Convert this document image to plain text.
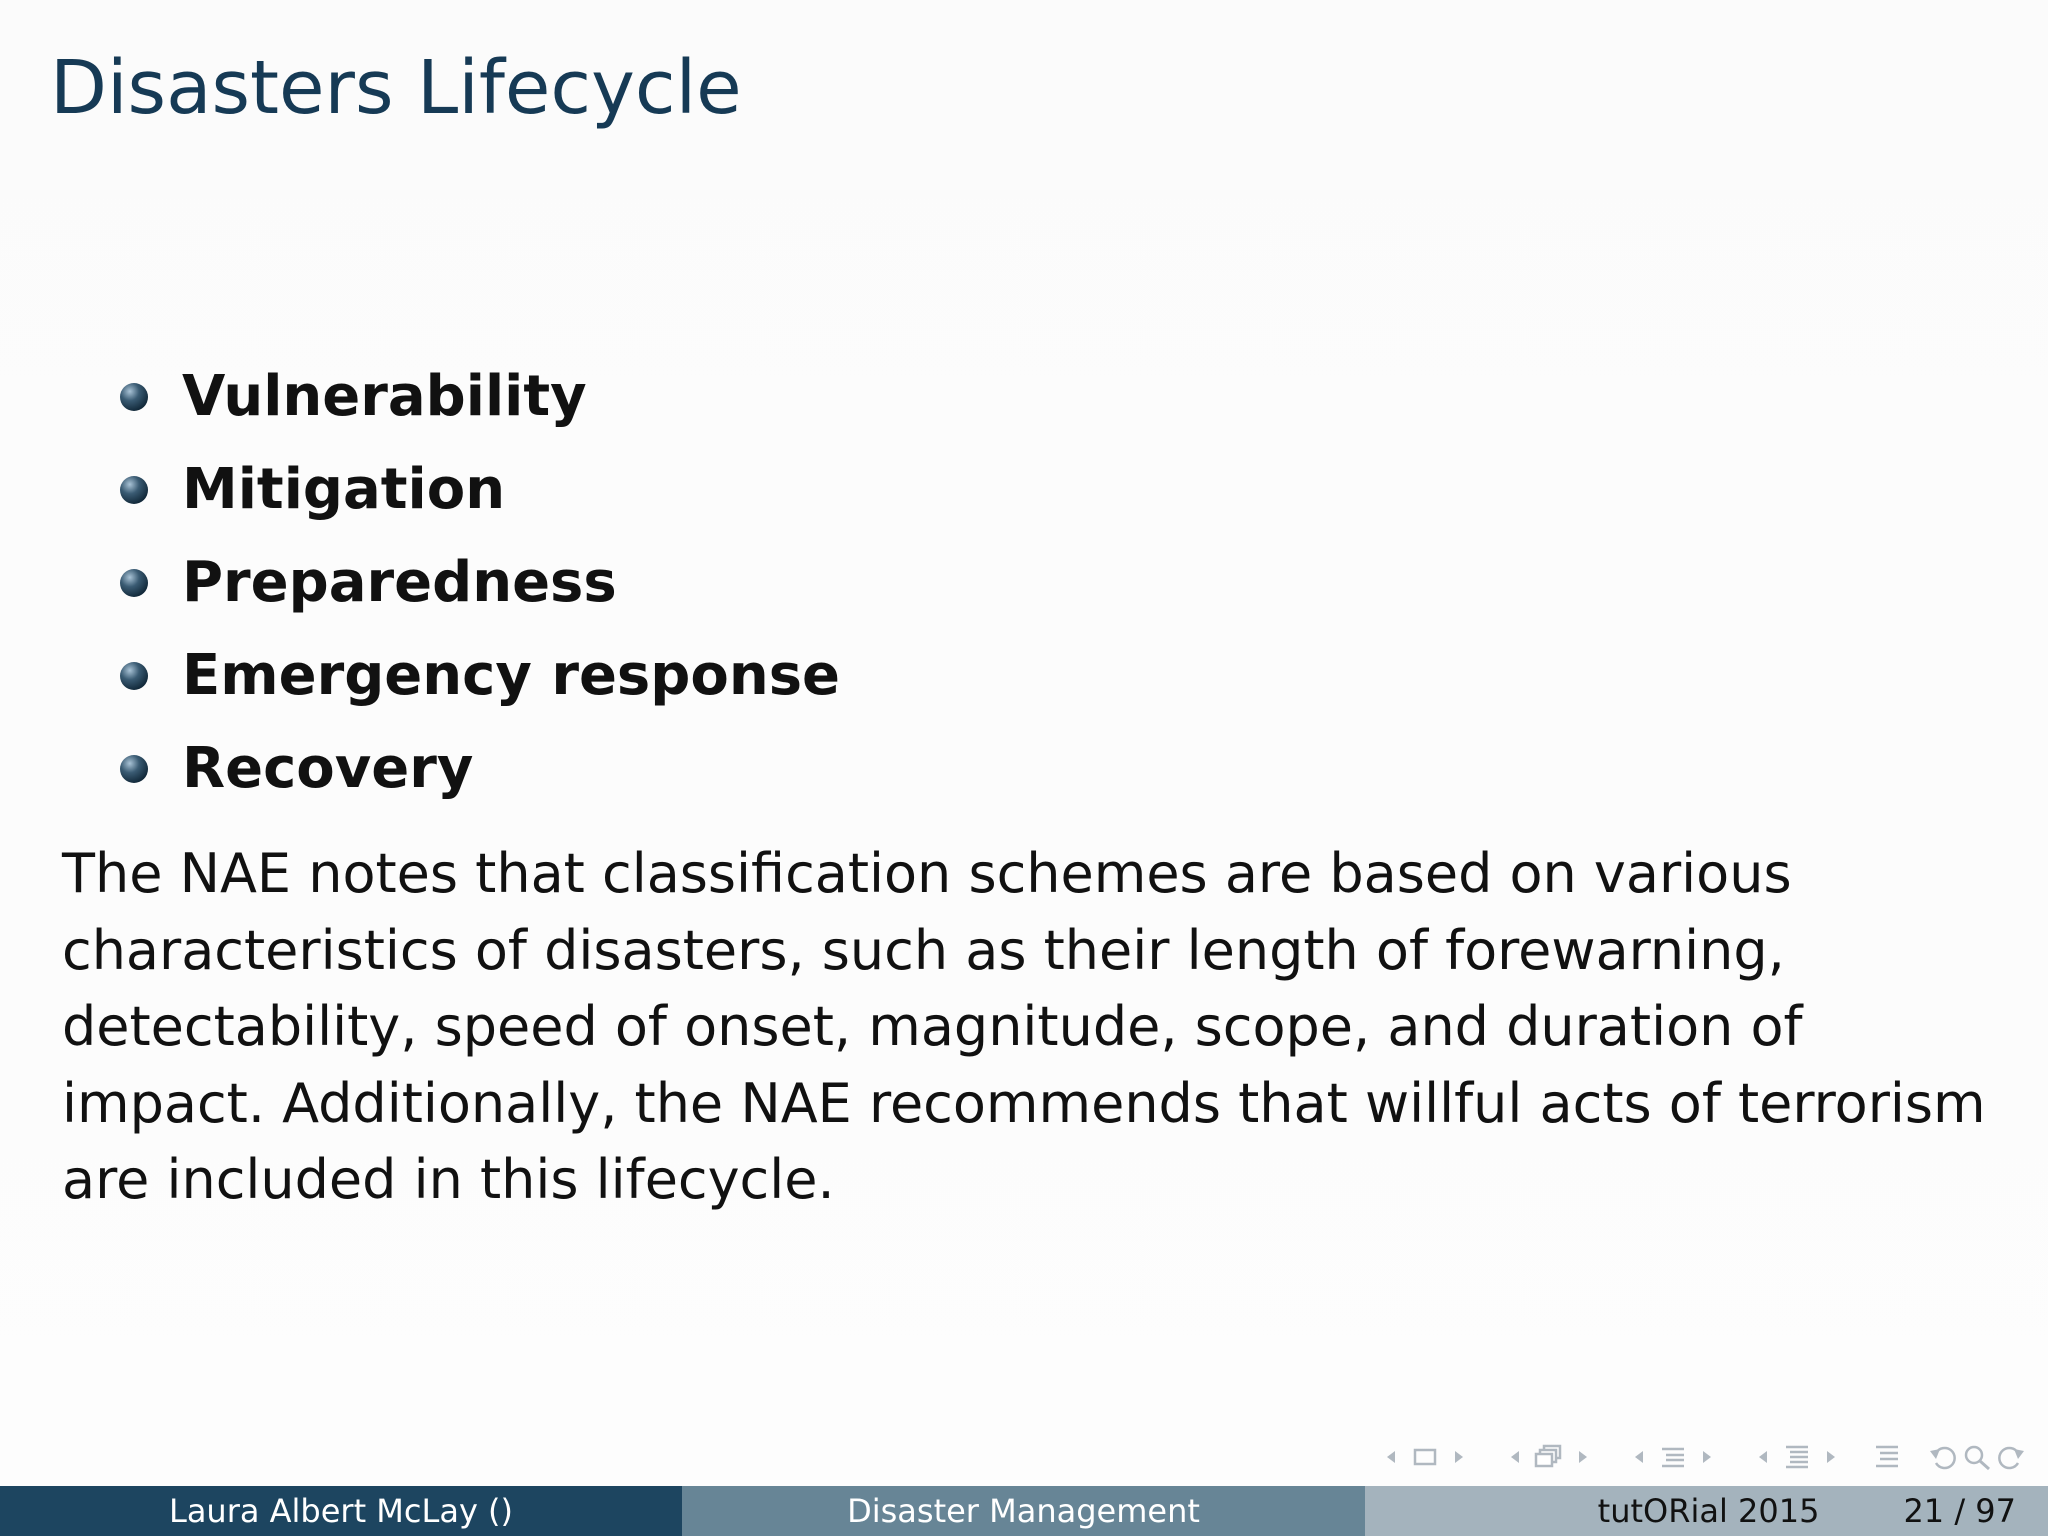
Disasters Lifecycle
Vulnerability
Mitigation
Preparedness
Emergency response
Recovery

The NAE notes that classification schemes are based on various characteristics of disasters, such as their length of forewarning, detectability, speed of onset, magnitude, scope, and duration of impact. Additionally, the NAE recommends that willful acts of terrorism are included in this lifecycle.

Laura Albert McLay ()	Disaster Management	tutORial 2015	21 / 97
